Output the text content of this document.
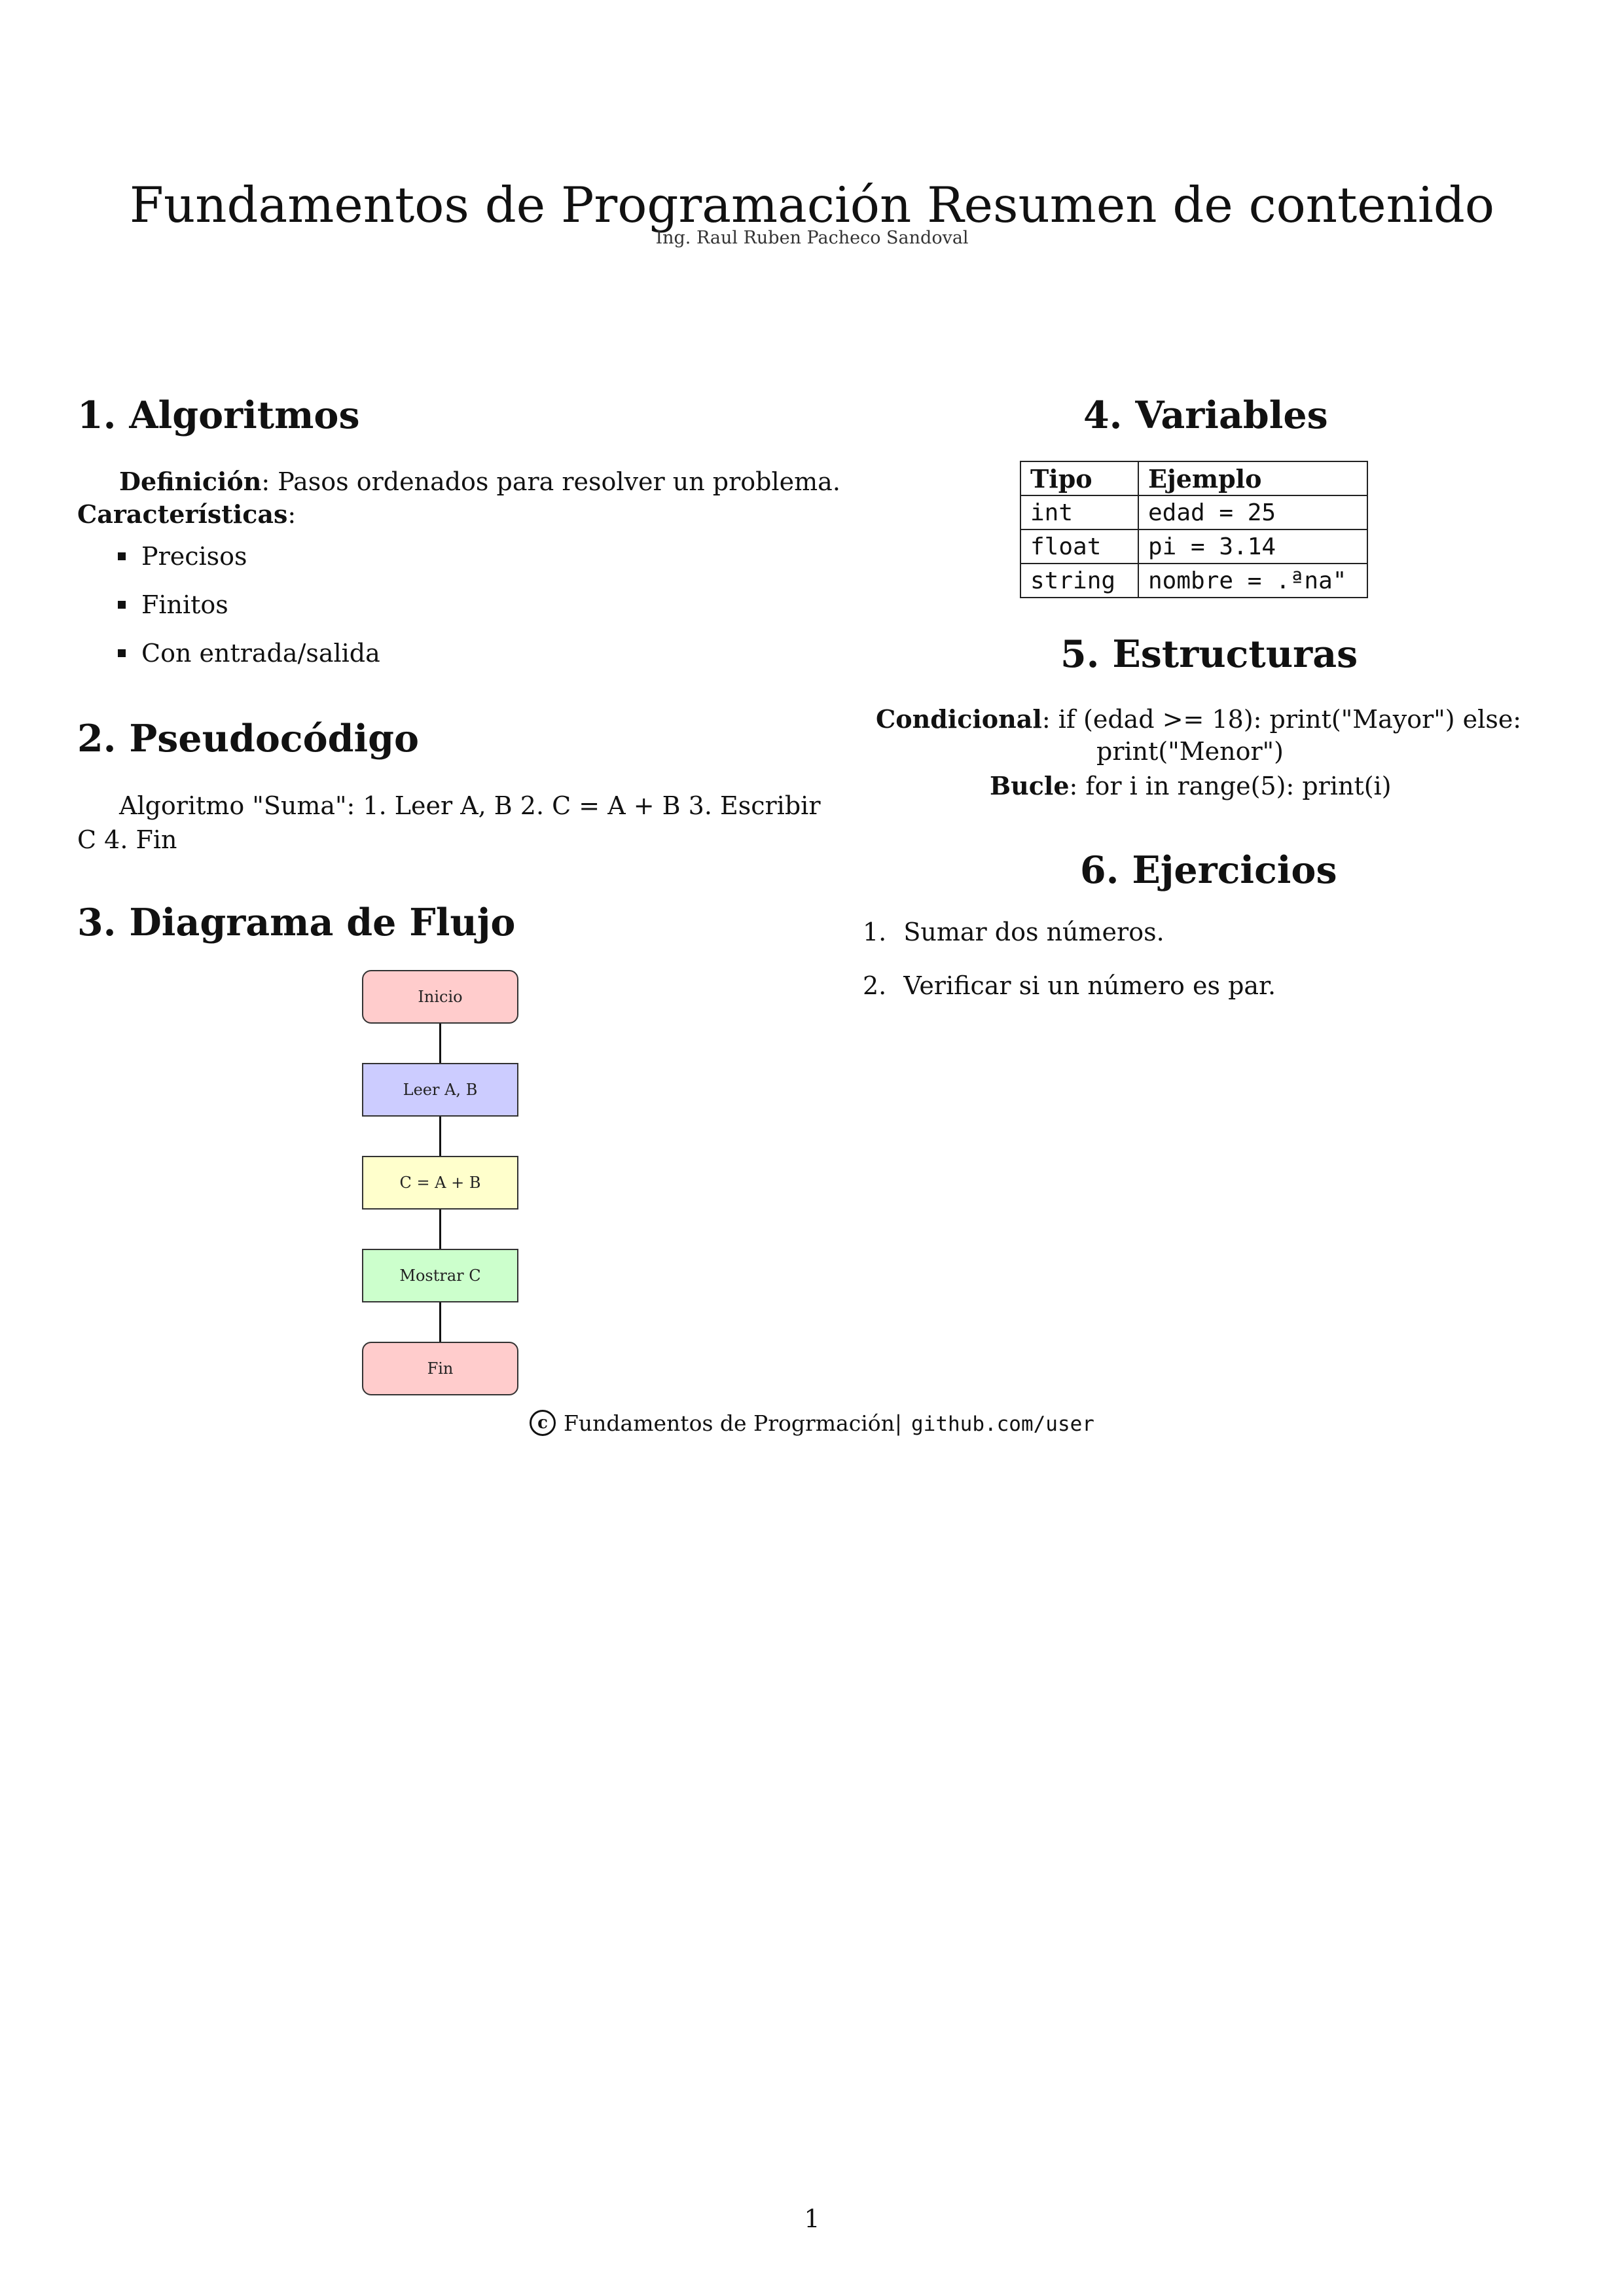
Fundamentos de Programación Resumen de contenido
Ing. Raul Ruben Pacheco Sandoval
1. Algoritmos
Definición: Pasos ordenados para resolver un problema.
Características:
Precisos
Finitos
Con entrada/salida
2. Pseudocódigo
Algoritmo "Suma": 1. Leer A, B 2. C = A + B 3. Escribir C 4. Fin
3. Diagrama de Flujo
Inicio
Leer A, B
C = A + B
Mostrar C
Fin
4. Variables
Tipo	Ejemplo
int	edad = 25
float	pi = 3.14
string	nombre = .ªna"
5. Estructuras
Condicional: if (edad >= 18): print("Mayor") else:
print("Menor")
Bucle: for i in range(5): print(i)
6. Ejercicios
1. Sumar dos números.
2. Verificar si un número es par.
c Fundamentos de Progrmación| github.com/user
1
